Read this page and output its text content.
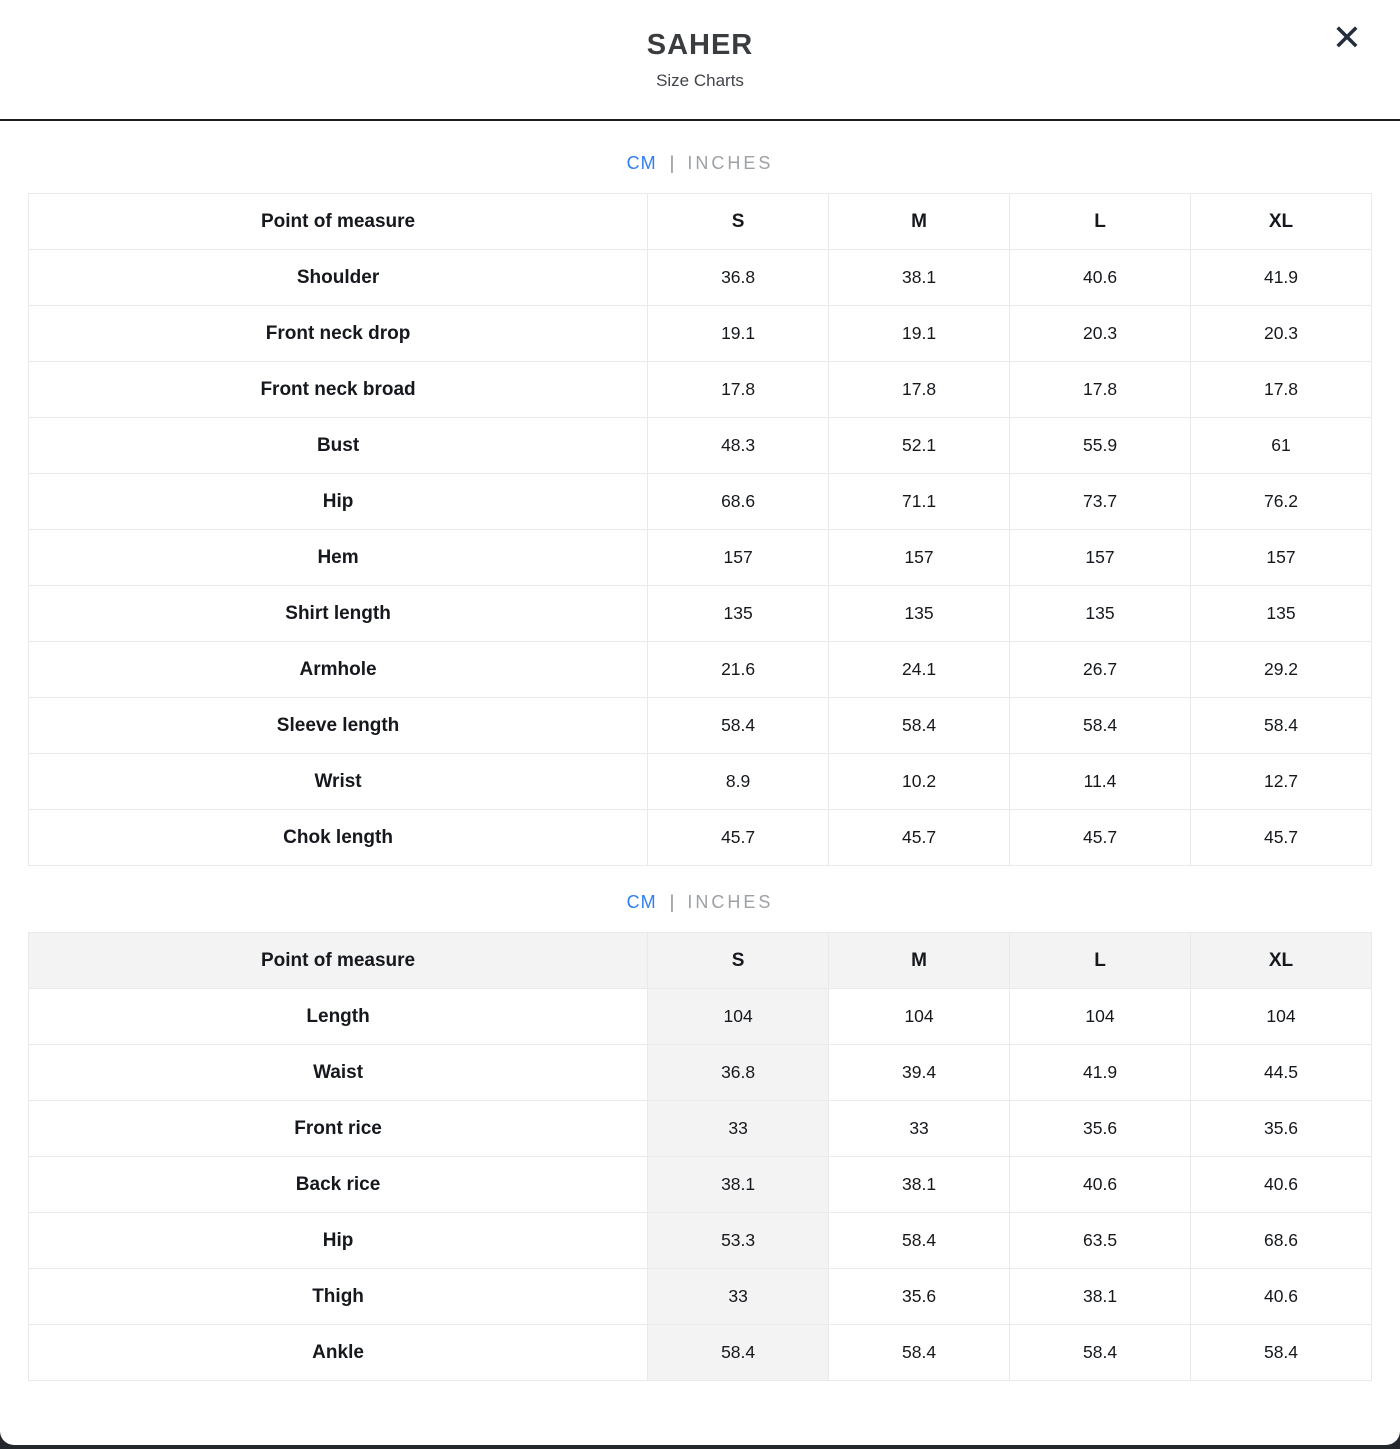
SAHER
Size Charts
✕
CM | INCHES
Point of measure	S	M	L	XL
Shoulder	36.8	38.1	40.6	41.9
Front neck drop	19.1	19.1	20.3	20.3
Front neck broad	17.8	17.8	17.8	17.8
Bust	48.3	52.1	55.9	61
Hip	68.6	71.1	73.7	76.2
Hem	157	157	157	157
Shirt length	135	135	135	135
Armhole	21.6	24.1	26.7	29.2
Sleeve length	58.4	58.4	58.4	58.4
Wrist	8.9	10.2	11.4	12.7
Chok length	45.7	45.7	45.7	45.7
CM | INCHES
Point of measure	S	M	L	XL
Length	104	104	104	104
Waist	36.8	39.4	41.9	44.5
Front rice	33	33	35.6	35.6
Back rice	38.1	38.1	40.6	40.6
Hip	53.3	58.4	63.5	68.6
Thigh	33	35.6	38.1	40.6
Ankle	58.4	58.4	58.4	58.4
